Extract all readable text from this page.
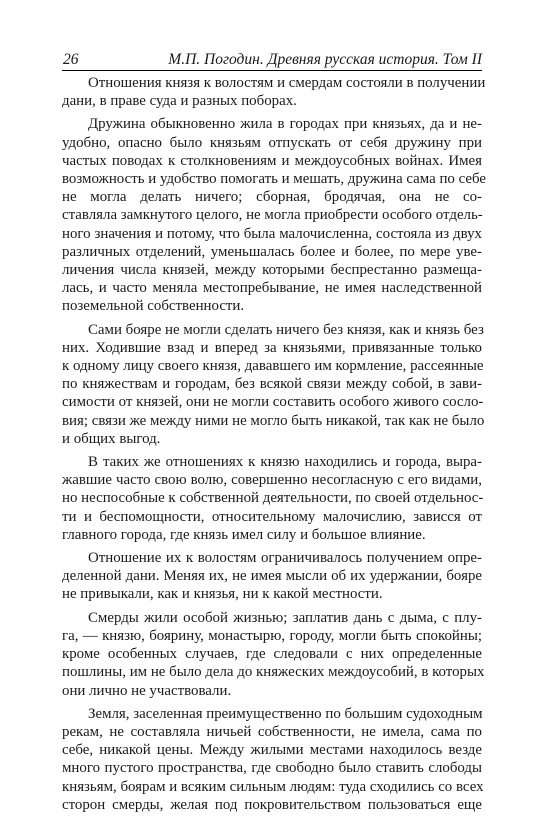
26	М.П. Погодин. Древняя русская история. Том II
Отношения князя к волостям и смердам состояли в получении
дани, в праве суда и разных поборах.
Дружина обыкновенно жила в городах при князьях, да и не-
удобно, опасно было князьям отпускать от себя дружину при
частых поводах к столкновениям и междоусобных войнах. Имея
возможность и удобство помогать и мешать, дружина сама по себе
не могла делать ничего; сборная, бродячая, она не со-
ставляла замкнутого целого, не могла приобрести особого отдель-
ного значения и потому, что была малочисленна, состояла из двух
различных отделений, уменьшалась более и более, по мере уве-
личения числа князей, между которыми беспрестанно размеща-
лась, и часто меняла местопребывание, не имея наследственной
поземельной собственности.
Сами бояре не могли сделать ничего без князя, как и князь без
них. Ходившие взад и вперед за князьями, привязанные только
к одному лицу своего князя, дававшего им кормление, рассеянные
по княжествам и городам, без всякой связи между собой, в зави-
симости от князей, они не могли составить особого живого сосло-
вия; связи же между ними не могло быть никакой, так как не было
и общих выгод.
В таких же отношениях к князю находились и города, выра-
жавшие часто свою волю, совершенно несогласную с его видами,
но неспособные к собственной деятельности, по своей отдельнос-
ти и беспомощности, относительному малочислию, зависся от
главного города, где князь имел силу и большое влияние.
Отношение их к волостям ограничивалось получением опре-
деленной дани. Меняя их, не имея мысли об их удержании, бояре
не привыкали, как и князья, ни к какой местности.
Смерды жили особой жизнью; заплатив дань с дыма, с плу-
га, — князю, боярину, монастырю, городу, могли быть спокойны;
кроме особенных случаев, где следовали с них определенные
пошлины, им не было дела до княжеских междоусобий, в которых
они лично не участвовали.
Земля, заселенная преимущественно по большим судоходным
рекам, не составляла ничьей собственности, не имела, сама по
себе, никакой цены. Между жилыми местами находилось везде
много пустого пространства, где свободно было ставить слободы
князьям, боярам и всяким сильным людям: туда сходились со всех
сторон смерды, желая под покровительством пользоваться еще
